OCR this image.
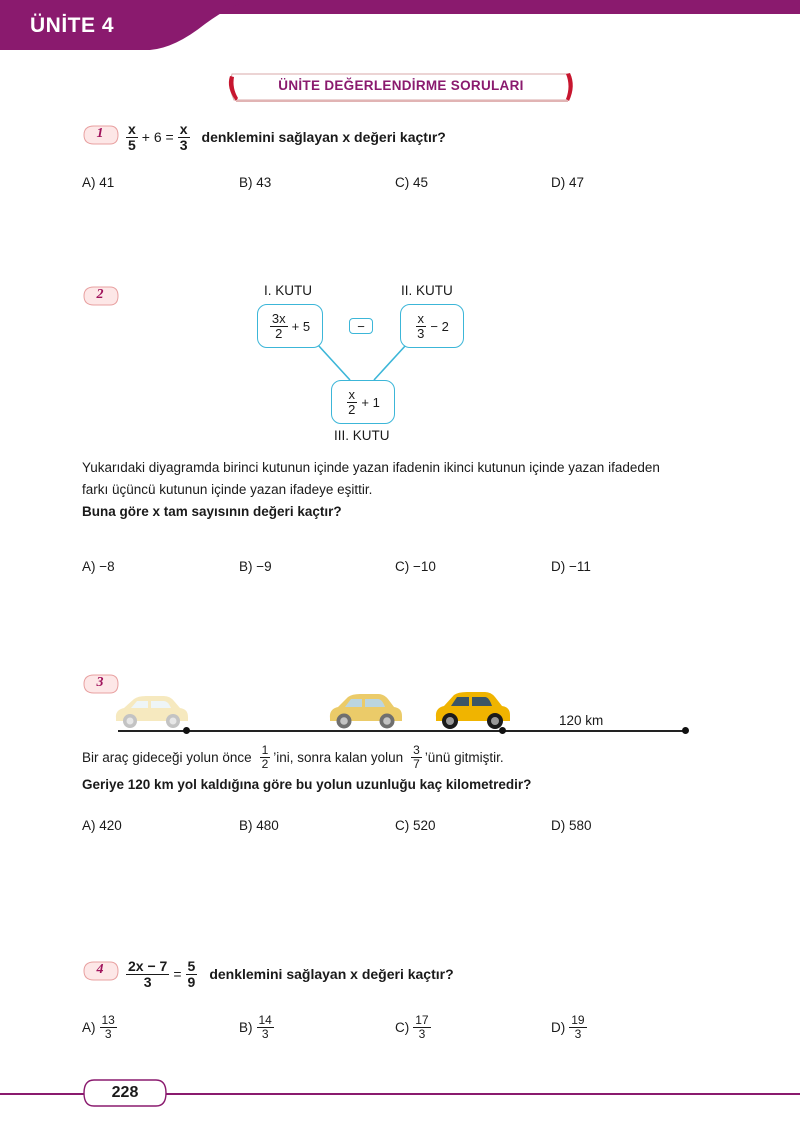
ÜNİTE 4
ÜNİTE DEĞERLENDİRME SORULARI
1	$\frac{x}{5} + 6 = \frac{x}{3}$ denklemini sağlayan x değeri kaçtır?
A) 41	B) 43	C) 45	D) 47
2	I. KUTU
$\frac{3x}{2} + 5$	−
II. KUTU
$\frac{x}{3} - 2$
$\frac{x}{2} + 1$
III. KUTU
Yukarıdaki diyagramda birinci kutunun içinde yazan ifadenin ikinci kutunun içinde yazan ifadeden
farkı üçüncü kutunun içinde yazan ifadeye eşittir.
Buna göre x tam sayısının değeri kaçtır?
A) −8	B) −9	C) −10	D) −11
3
120 km
Bir araç gideceği yolun önce $\frac{1}{2}$ ’ini, sonra kalan yolun $\frac{3}{7}$ ’ünü gitmiştir.
Geriye 120 km yol kaldığına göre bu yolun uzunluğu kaç kilometredir?
A) 420	B) 480	C) 520	D) 580
4	$\frac{2x - 7}{3} = \frac{5}{9}$ denklemini sağlayan x değeri kaçtır?
$A) \frac{13}{3}$	$B) \frac{14}{3}$	$C) \frac{17}{3}$	$D) \frac{19}{3}$
228
